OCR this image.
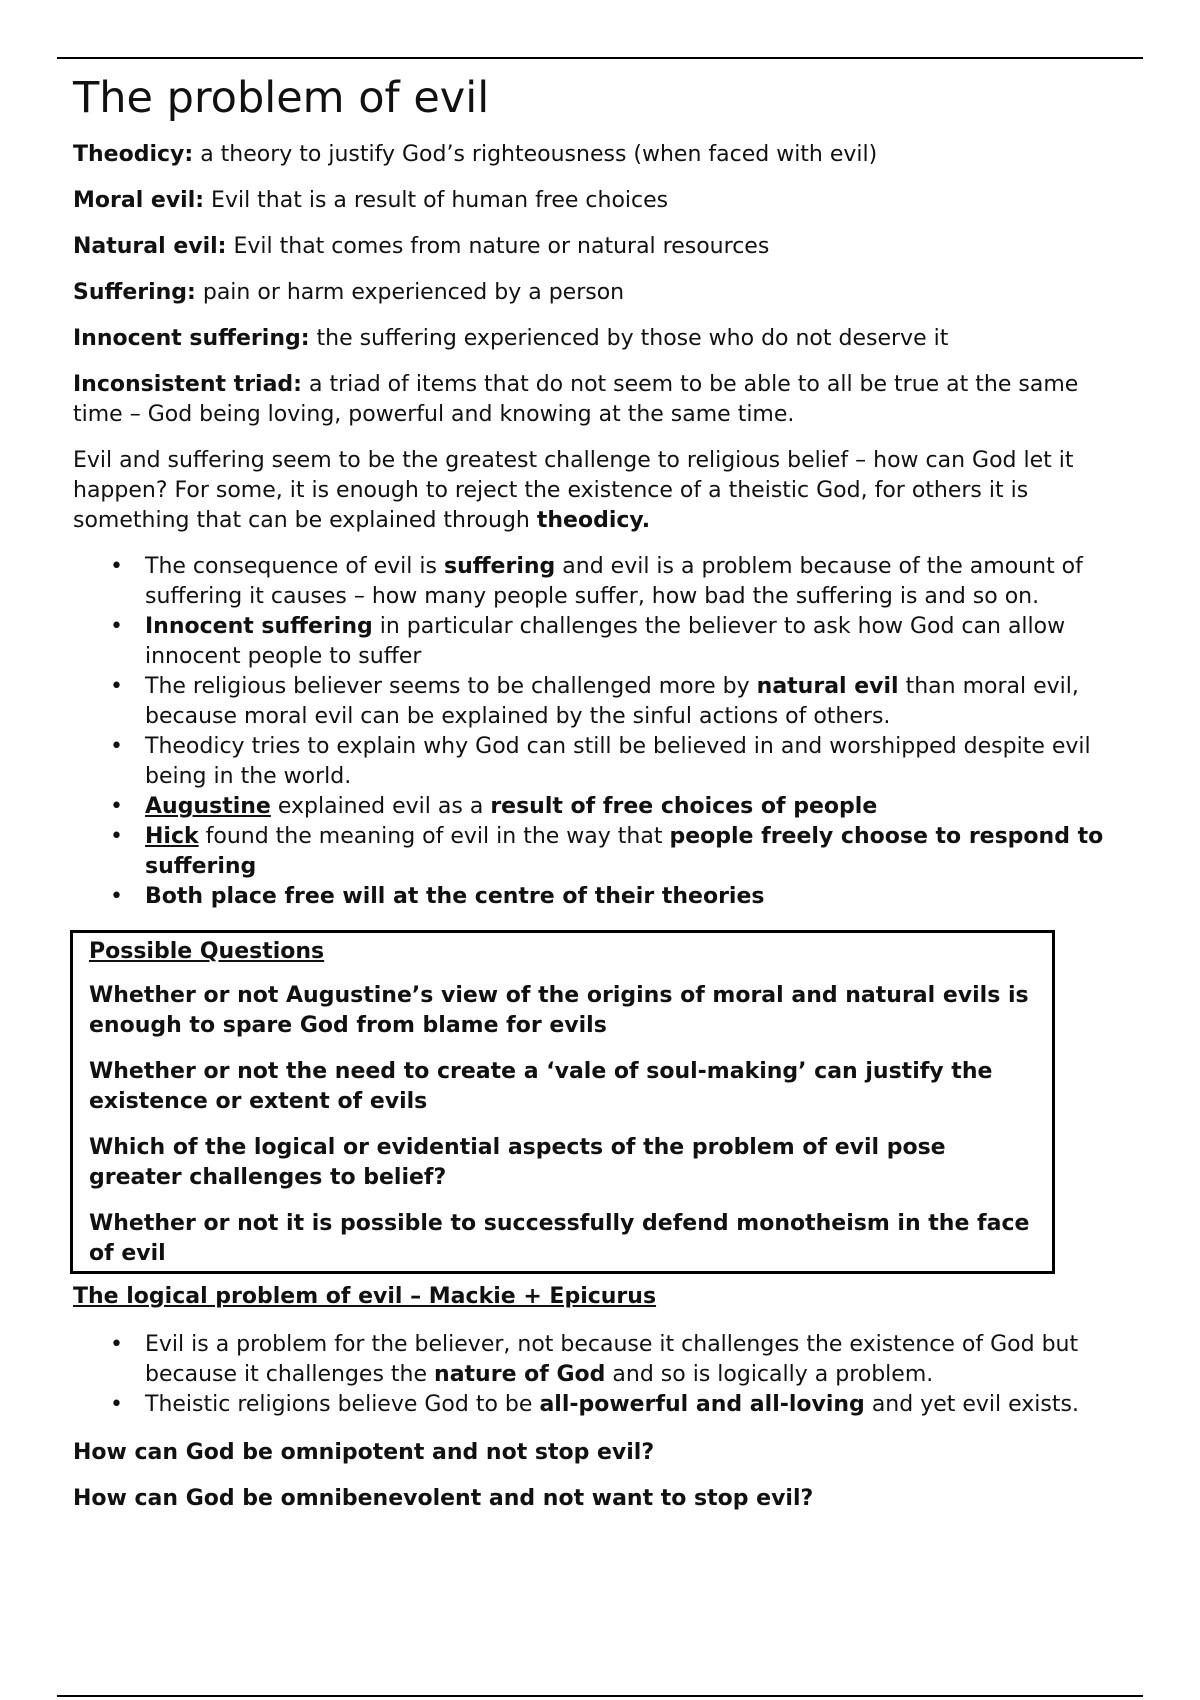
The problem of evil

Theodicy: a theory to justify God’s righteousness (when faced with evil)

Moral evil: Evil that is a result of human free choices

Natural evil: Evil that comes from nature or natural resources

Suffering: pain or harm experienced by a person

Innocent suffering: the suffering experienced by those who do not deserve it

Inconsistent triad: a triad of items that do not seem to be able to all be true at the same time – God being loving, powerful and knowing at the same time.

Evil and suffering seem to be the greatest challenge to religious belief – how can God let it happen? For some, it is enough to reject the existence of a theistic God, for others it is something that can be explained through theodicy.

• The consequence of evil is suffering and evil is a problem because of the amount of suffering it causes – how many people suffer, how bad the suffering is and so on.
• Innocent suffering in particular challenges the believer to ask how God can allow innocent people to suffer
• The religious believer seems to be challenged more by natural evil than moral evil, because moral evil can be explained by the sinful actions of others.
• Theodicy tries to explain why God can still be believed in and worshipped despite evil being in the world.
• Augustine explained evil as a result of free choices of people
• Hick found the meaning of evil in the way that people freely choose to respond to suffering
• Both place free will at the centre of their theories
Possible Questions
Whether or not Augustine’s view of the origins of moral and natural evils is enough to spare God from blame for evils
Whether or not the need to create a ‘vale of soul-making’ can justify the existence or extent of evils
Which of the logical or evidential aspects of the problem of evil pose greater challenges to belief?
Whether or not it is possible to successfully defend monotheism in the face of evil
The logical problem of evil – Mackie + Epicurus
• Evil is a problem for the believer, not because it challenges the existence of God but because it challenges the nature of God and so is logically a problem.
• Theistic religions believe God to be all-powerful and all-loving and yet evil exists.
How can God be omnipotent and not stop evil?
How can God be omnibenevolent and not want to stop evil?
